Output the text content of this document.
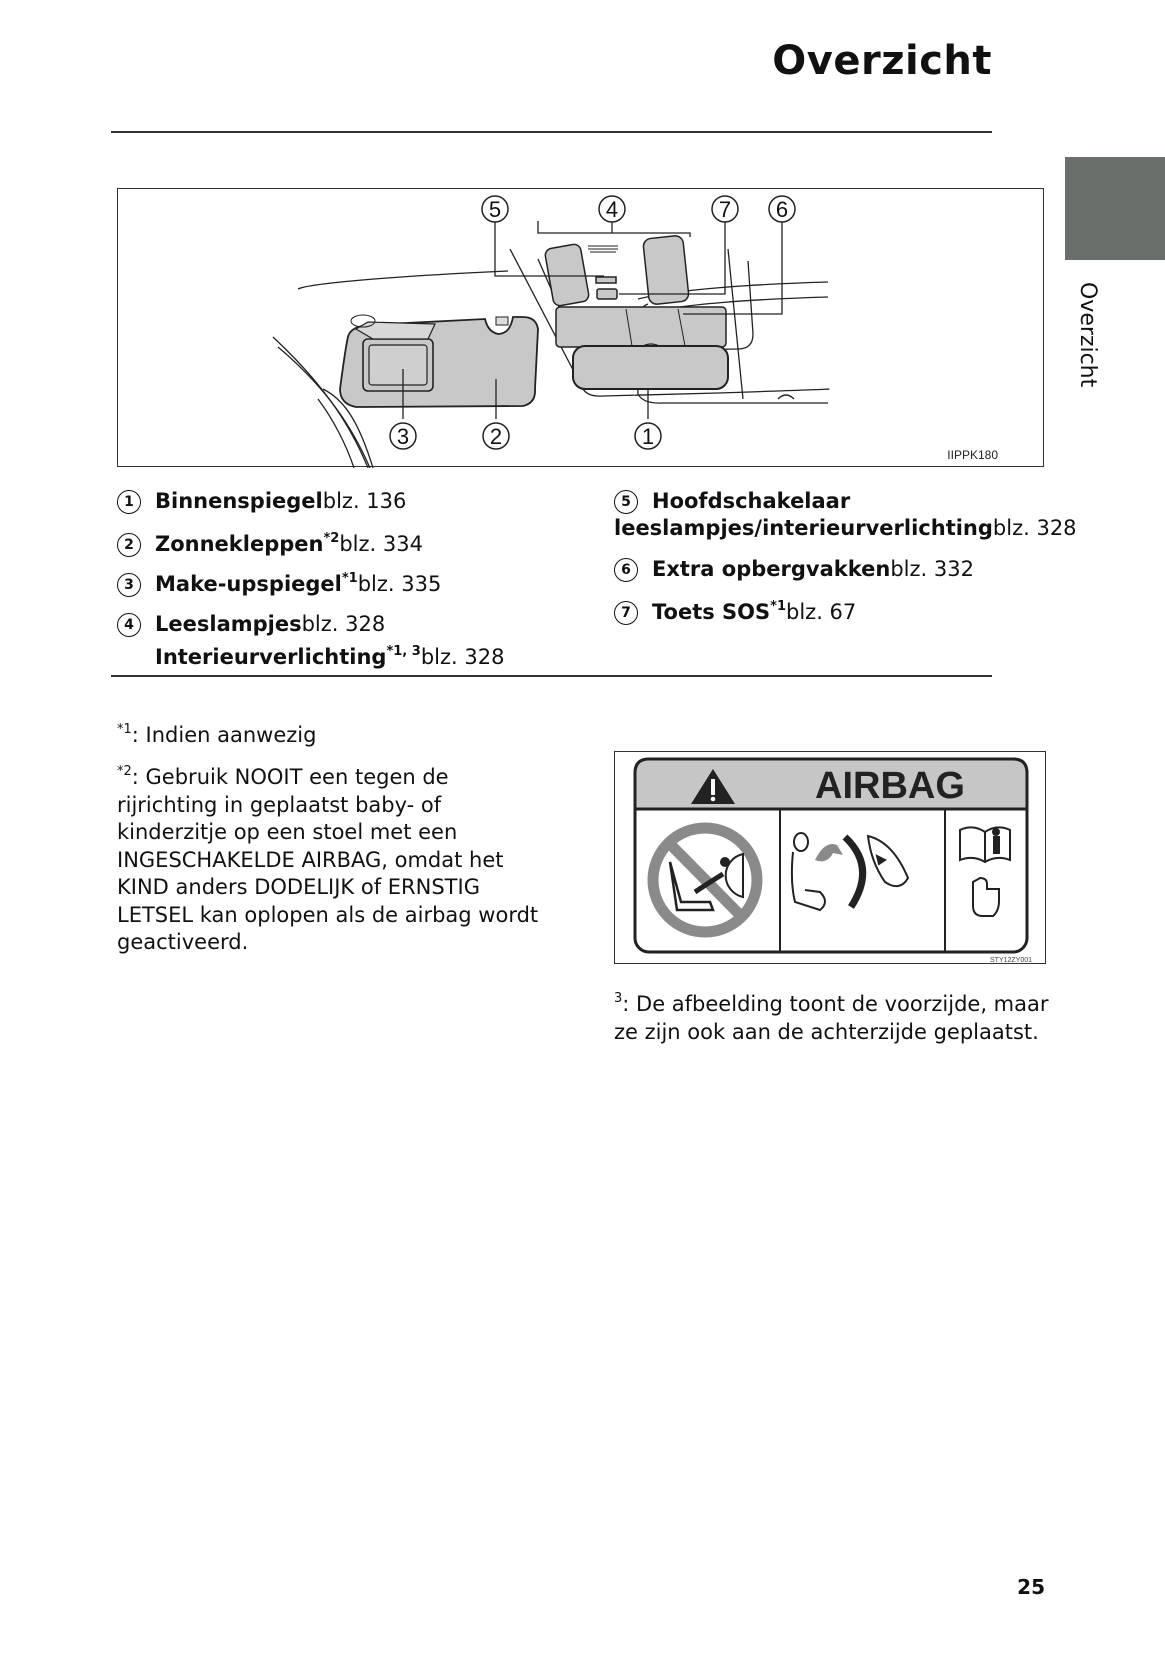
Overzicht
Overzicht
5	4	7 6
3	2	1
IIPPK180
1 Binnenspiegelblz. 136
2 Zonnekleppen$^{*2}$blz. 334
3 Make-upspiegel$^{*1}$blz. 335
4 Leeslampjesblz. 328
Interieurverlichting$^{*1, 3}$blz. 328
5 Hoofdschakelaar
leeslampjes/interieurverlichtingblz. 328
6 Extra opbergvakkenblz. 332
7 Toets SOS$^{*1}$blz. 67
$^{*1}$: Indien aanwezig
$^{*2}$: Gebruik NOOIT een tegen de
rijrichting in geplaatst baby- of
kinderzitje op een stoel met een
INGESCHAKELDE AIRBAG, omdat het
KIND anders DODELIJK of ERNSTIG
LETSEL kan oplopen als de airbag wordt
geactiveerd.
AIRBAG
STY12ZY001
$^3$: De afbeelding toont de voorzijde, maar
ze zijn ook aan de achterzijde geplaatst.
25
